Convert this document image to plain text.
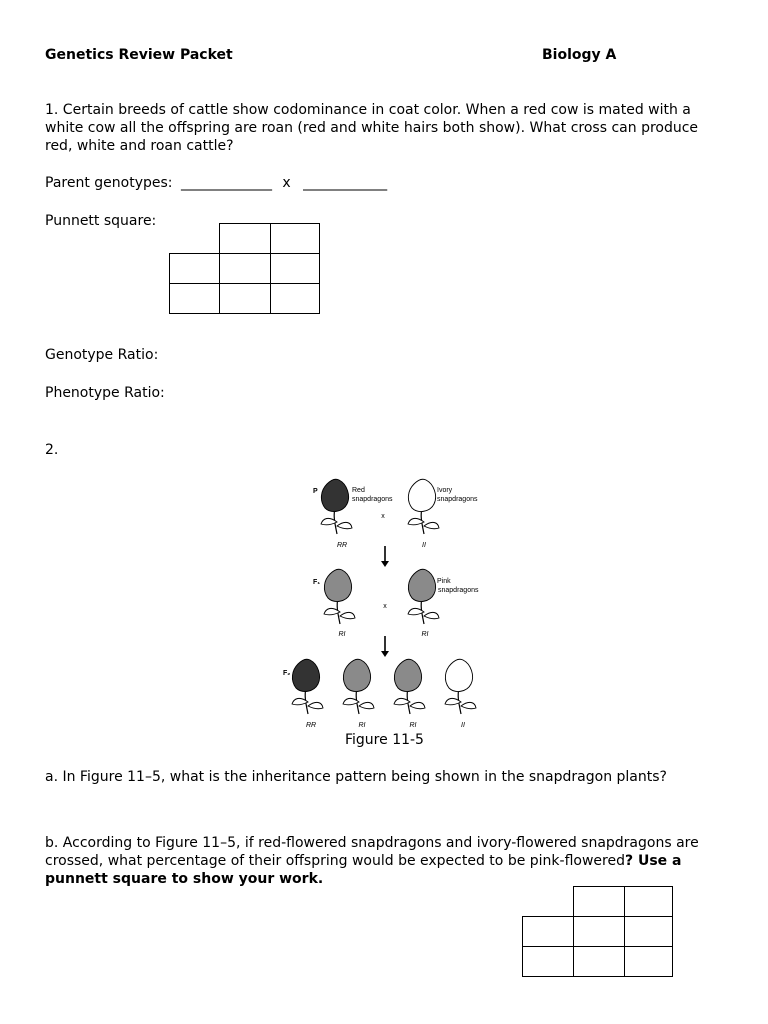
Genetics Review Packet	Biology A
1. Certain breeds of cattle show codominance in coat color. When a red cow is mated with a white cow all the offspring are roan (red and white hairs both show). What cross can produce red, white and roan cattle?
Parent genotypes: _____________ x ____________
Punnett square:

Genotype Ratio:
Phenotype Ratio:
2.
P	Red
snapdragons
x
Ivory
snapdragons
RR	II
F₁
x
Pink
snapdragons
RI	RI
F₂
RR	RI	RI	II
Figure 11-5
a. In Figure 11–5, what is the inheritance pattern being shown in the snapdragon plants?
b. According to Figure 11–5, if red-flowered snapdragons and ivory-flowered snapdragons are crossed, what percentage of their offspring would be expected to be pink-flowered? Use a punnett square to show your work.
